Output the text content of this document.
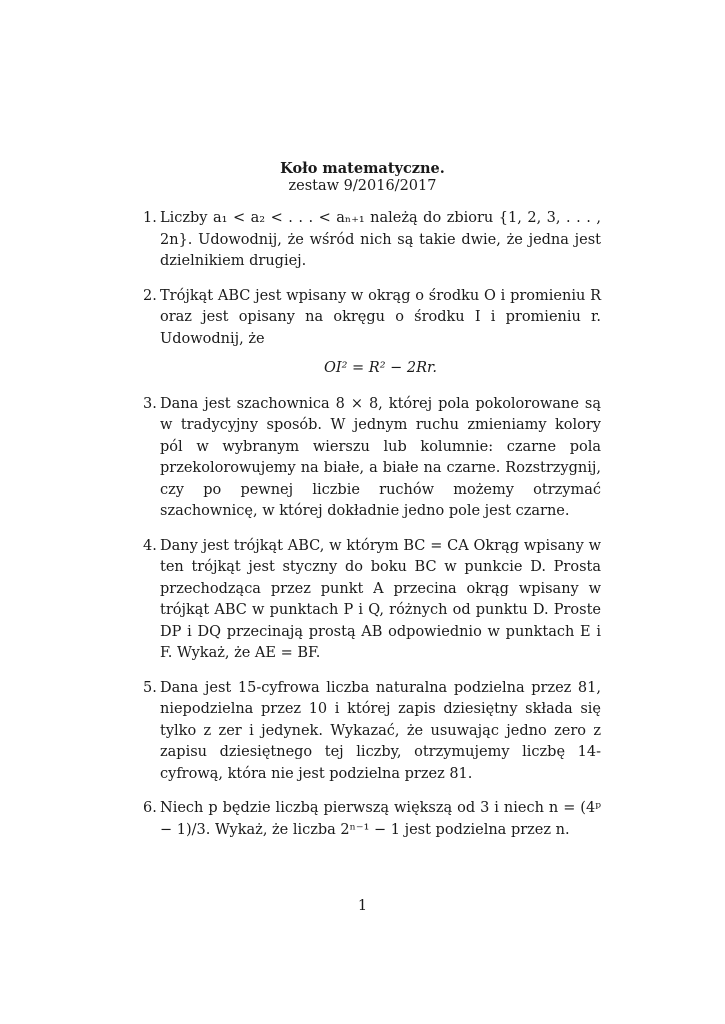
Koło matematyczne.
zestaw 9/2016/2017
1. Liczby a₁ < a₂ < . . . < aₙ₊₁ należą do zbioru {1, 2, 3, . . . , 2n}. Udowodnij, że wśród nich są takie dwie, że jedna jest dzielnikiem drugiej.
2. Trójkąt ABC jest wpisany w okrąg o środku O i promieniu R oraz jest opisany na okręgu o środku I i promieniu r. Udowodnij, że
OI² = R² − 2Rr.
3. Dana jest szachownica 8 × 8, której pola pokolorowane są w tradycyjny sposób. W jednym ruchu zmieniamy kolory pól w wybranym wierszu lub kolumnie: czarne pola przekolorowujemy na białe, a białe na czarne. Rozstrzygnij, czy po pewnej liczbie ruchów możemy otrzymać szachownicę, w której dokładnie jedno pole jest czarne.
4. Dany jest trójkąt ABC, w którym BC = CA Okrąg wpisany w ten trójkąt jest styczny do boku BC w punkcie D. Prosta przechodząca przez punkt A przecina okrąg wpisany w trójkąt ABC w punktach P i Q, różnych od punktu D. Proste DP i DQ przecinają prostą AB odpowiednio w punktach E i F. Wykaż, że AE = BF.
5. Dana jest 15-cyfrowa liczba naturalna podzielna przez 81, niepodzielna przez 10 i której zapis dziesiętny składa się tylko z zer i jedynek. Wykazać, że usuwając jedno zero z zapisu dziesiętnego tej liczby, otrzymujemy liczbę 14-cyfrową, która nie jest podzielna przez 81.
6. Niech p będzie liczbą pierwszą większą od 3 i niech n = (4ᵖ − 1)/3. Wykaż, że liczba 2ⁿ⁻¹ − 1 jest podzielna przez n.
1
